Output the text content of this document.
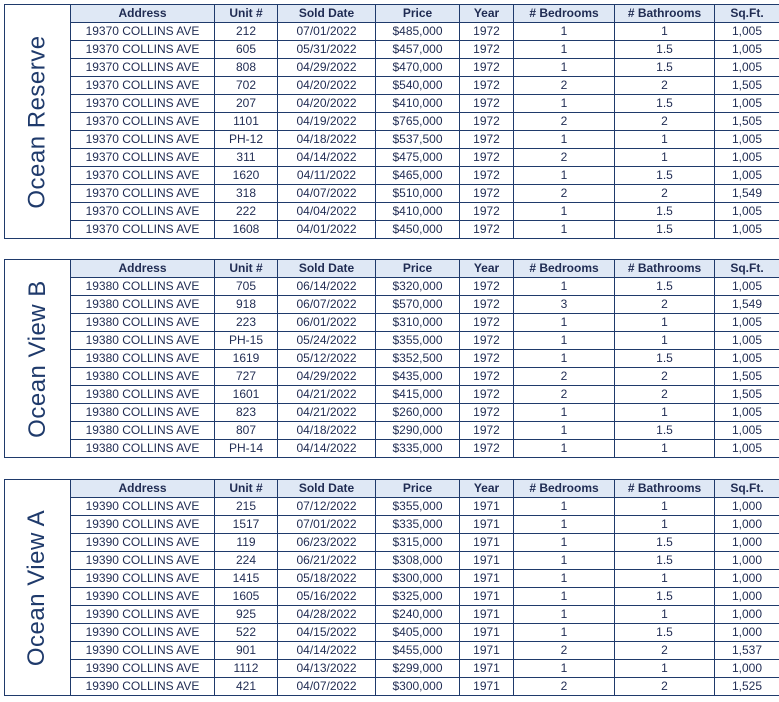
Ocean Reserve
Address	Unit #	Sold Date	Price	Year	# Bedrooms	# Bathrooms	Sq.Ft.
19370 COLLINS AVE	212	07/01/2022	$485,000	1972	1	1	1,005
19370 COLLINS AVE	605	05/31/2022	$457,000	1972	1	1.5	1,005
19370 COLLINS AVE	808	04/29/2022	$470,000	1972	1	1.5	1,005
19370 COLLINS AVE	702	04/20/2022	$540,000	1972	2	2	1,505
19370 COLLINS AVE	207	04/20/2022	$410,000	1972	1	1.5	1,005
19370 COLLINS AVE	1101	04/19/2022	$765,000	1972	2	2	1,505
19370 COLLINS AVE	PH-12	04/18/2022	$537,500	1972	1	1	1,005
19370 COLLINS AVE	311	04/14/2022	$475,000	1972	2	1	1,005
19370 COLLINS AVE	1620	04/11/2022	$465,000	1972	1	1.5	1,005
19370 COLLINS AVE	318	04/07/2022	$510,000	1972	2	2	1,549
19370 COLLINS AVE	222	04/04/2022	$410,000	1972	1	1.5	1,005
19370 COLLINS AVE	1608	04/01/2022	$450,000	1972	1	1.5	1,005
Ocean View B
Address	Unit #	Sold Date	Price	Year	# Bedrooms	# Bathrooms	Sq.Ft.
19380 COLLINS AVE	705	06/14/2022	$320,000	1972	1	1.5	1,005
19380 COLLINS AVE	918	06/07/2022	$570,000	1972	3	2	1,549
19380 COLLINS AVE	223	06/01/2022	$310,000	1972	1	1	1,005
19380 COLLINS AVE	PH-15	05/24/2022	$355,000	1972	1	1	1,005
19380 COLLINS AVE	1619	05/12/2022	$352,500	1972	1	1.5	1,005
19380 COLLINS AVE	727	04/29/2022	$435,000	1972	2	2	1,505
19380 COLLINS AVE	1601	04/21/2022	$415,000	1972	2	2	1,505
19380 COLLINS AVE	823	04/21/2022	$260,000	1972	1	1	1,005
19380 COLLINS AVE	807	04/18/2022	$290,000	1972	1	1.5	1,005
19380 COLLINS AVE	PH-14	04/14/2022	$335,000	1972	1	1	1,005
Ocean View A
Address	Unit #	Sold Date	Price	Year	# Bedrooms	# Bathrooms	Sq.Ft.
19390 COLLINS AVE	215	07/12/2022	$355,000	1971	1	1	1,000
19390 COLLINS AVE	1517	07/01/2022	$335,000	1971	1	1	1,000
19390 COLLINS AVE	119	06/23/2022	$315,000	1971	1	1.5	1,000
19390 COLLINS AVE	224	06/21/2022	$308,000	1971	1	1.5	1,000
19390 COLLINS AVE	1415	05/18/2022	$300,000	1971	1	1	1,000
19390 COLLINS AVE	1605	05/16/2022	$325,000	1971	1	1.5	1,000
19390 COLLINS AVE	925	04/28/2022	$240,000	1971	1	1	1,000
19390 COLLINS AVE	522	04/15/2022	$405,000	1971	1	1.5	1,000
19390 COLLINS AVE	901	04/14/2022	$455,000	1971	2	2	1,537
19390 COLLINS AVE	1112	04/13/2022	$299,000	1971	1	1	1,000
19390 COLLINS AVE	421	04/07/2022	$300,000	1971	2	2	1,525
